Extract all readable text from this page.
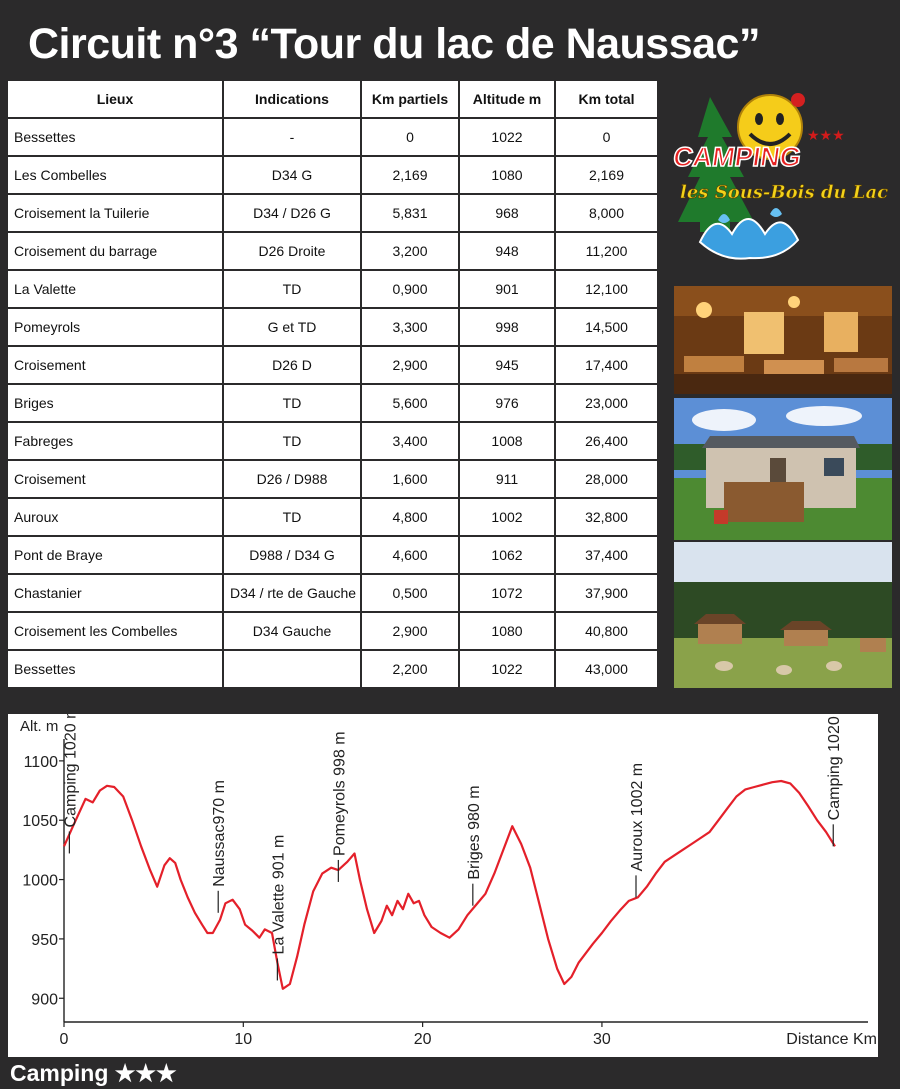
Circuit n°3 “Tour du lac de Naussac”
Lieux	Indications	Km partiels	Altitude m	Km total
Bessettes	-	0	1022	0
Les Combelles	D34 G	2,169	1080	2,169
Croisement la Tuilerie	D34 / D26 G	5,831	968	8,000
Croisement du barrage	D26 Droite	3,200	948	11,200
La Valette	TD	0,900	901	12,100
Pomeyrols	G et TD	3,300	998	14,500
Croisement	D26 D	2,900	945	17,400
Briges	TD	5,600	976	23,000
Fabreges	TD	3,400	1008	26,400
Croisement	D26 / D988	1,600	911	28,000
Auroux	TD	4,800	1002	32,800
Pont de Braye	D988 / D34 G	4,600	1062	37,400
Chastanier	D34 / rte de Gauche	0,500	1072	37,900
Croisement les Combelles	D34 Gauche	2,900	1080	40,800
Bessettes		2,200	1022	43,000
★★★
CAMPING
les Sous-Bois du Lac
Alt. m
Distance Km
900
950
1000
1050
1100
0	10	20	30
Camping 1020 m
Naussac970 m
La Valette 901 m
Pomeyrols 998 m	Briges 980 m	Auroux 1002 m	Camping 1020 m
Camping ★★★
